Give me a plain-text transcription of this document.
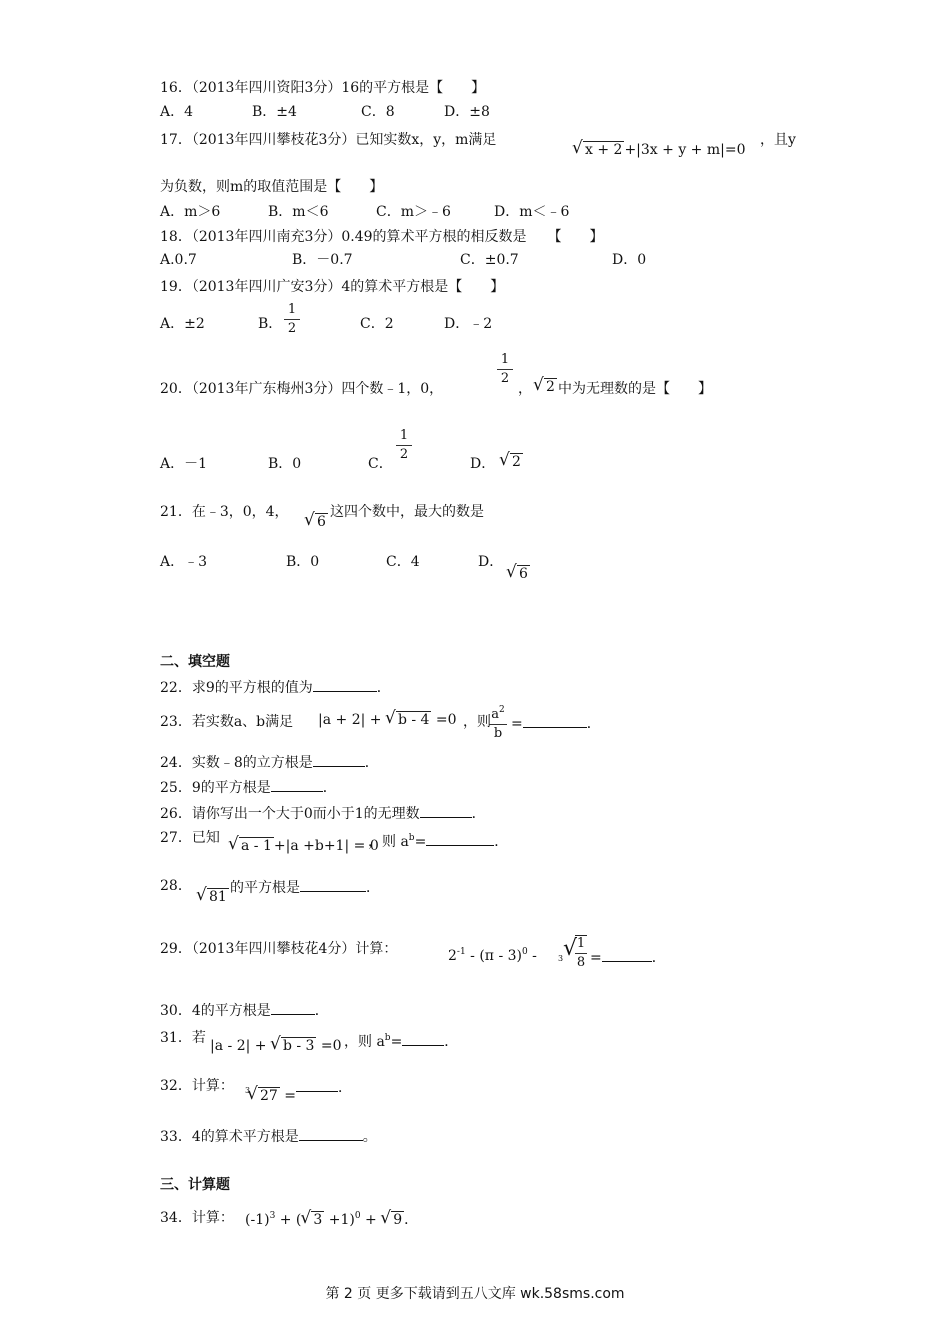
16．（2013年四川资阳3分）16的平方根是【　　】
A．4	B．±4	C．8	D．±8
17．（2013年四川攀枝花3分）已知实数x，y，m满足
√ x + 2 +|3x + y + m|=0
，且y
为负数，则m的取值范围是【　　】
A．m＞6	B．m＜6	C．m＞﹣6	D．m＜﹣6
18．（2013年四川南充3分）0.49的算术平方根的相反数是　　【　　】
A.0.7	B．－0.7	C．±0.7	D．0
19．（2013年四川广安3分）4的算术平方根是【　　】
A．±2	B．
1
2	C．2	D．﹣2
20．（2013年广东梅州3分）四个数﹣1，0，
1
2
，	√ 2 中为无理数的是【　　】
A．－1	B．0	C．
1
2
D．	√ 2
21．在﹣3，0，4，
√ 6
这四个数中，最大的数是
A．﹣3	B．0	C．4	D．
√ 6
二、填空题
22．求9的平方根的值为	．
23．若实数a、b满足 |a + 2| + √ b - 4 =0 ，则 $a^2$
b
=	．
24．实数﹣8的立方根是	．
25．9的平方根是	．
26．请你写出一个大于0而小于1的无理数	．
27．已知	√ a - 1 +|a +b+1| = 0
，则 $a^b=$	．
28．
√ 81
的平方根是	．
29．（2013年四川攀枝花4分）计算：	$2^{-1} - (\pi - 3)^0$ -	3 √ 1
8 =	．
30．4的平方根是	．
31．若 |a - 2| + √ b - 3 =0 ，则 $a^b=$	．
32．计算： 3 √ 27 =	．
33．4的算术平方根是	。
三、计算题
34．计算： $(-1)^3$ + ( √ 3 +1)$^0$ + √ 9 ．
第 2 页 更多下载请到五八文库 wk.58sms.com
